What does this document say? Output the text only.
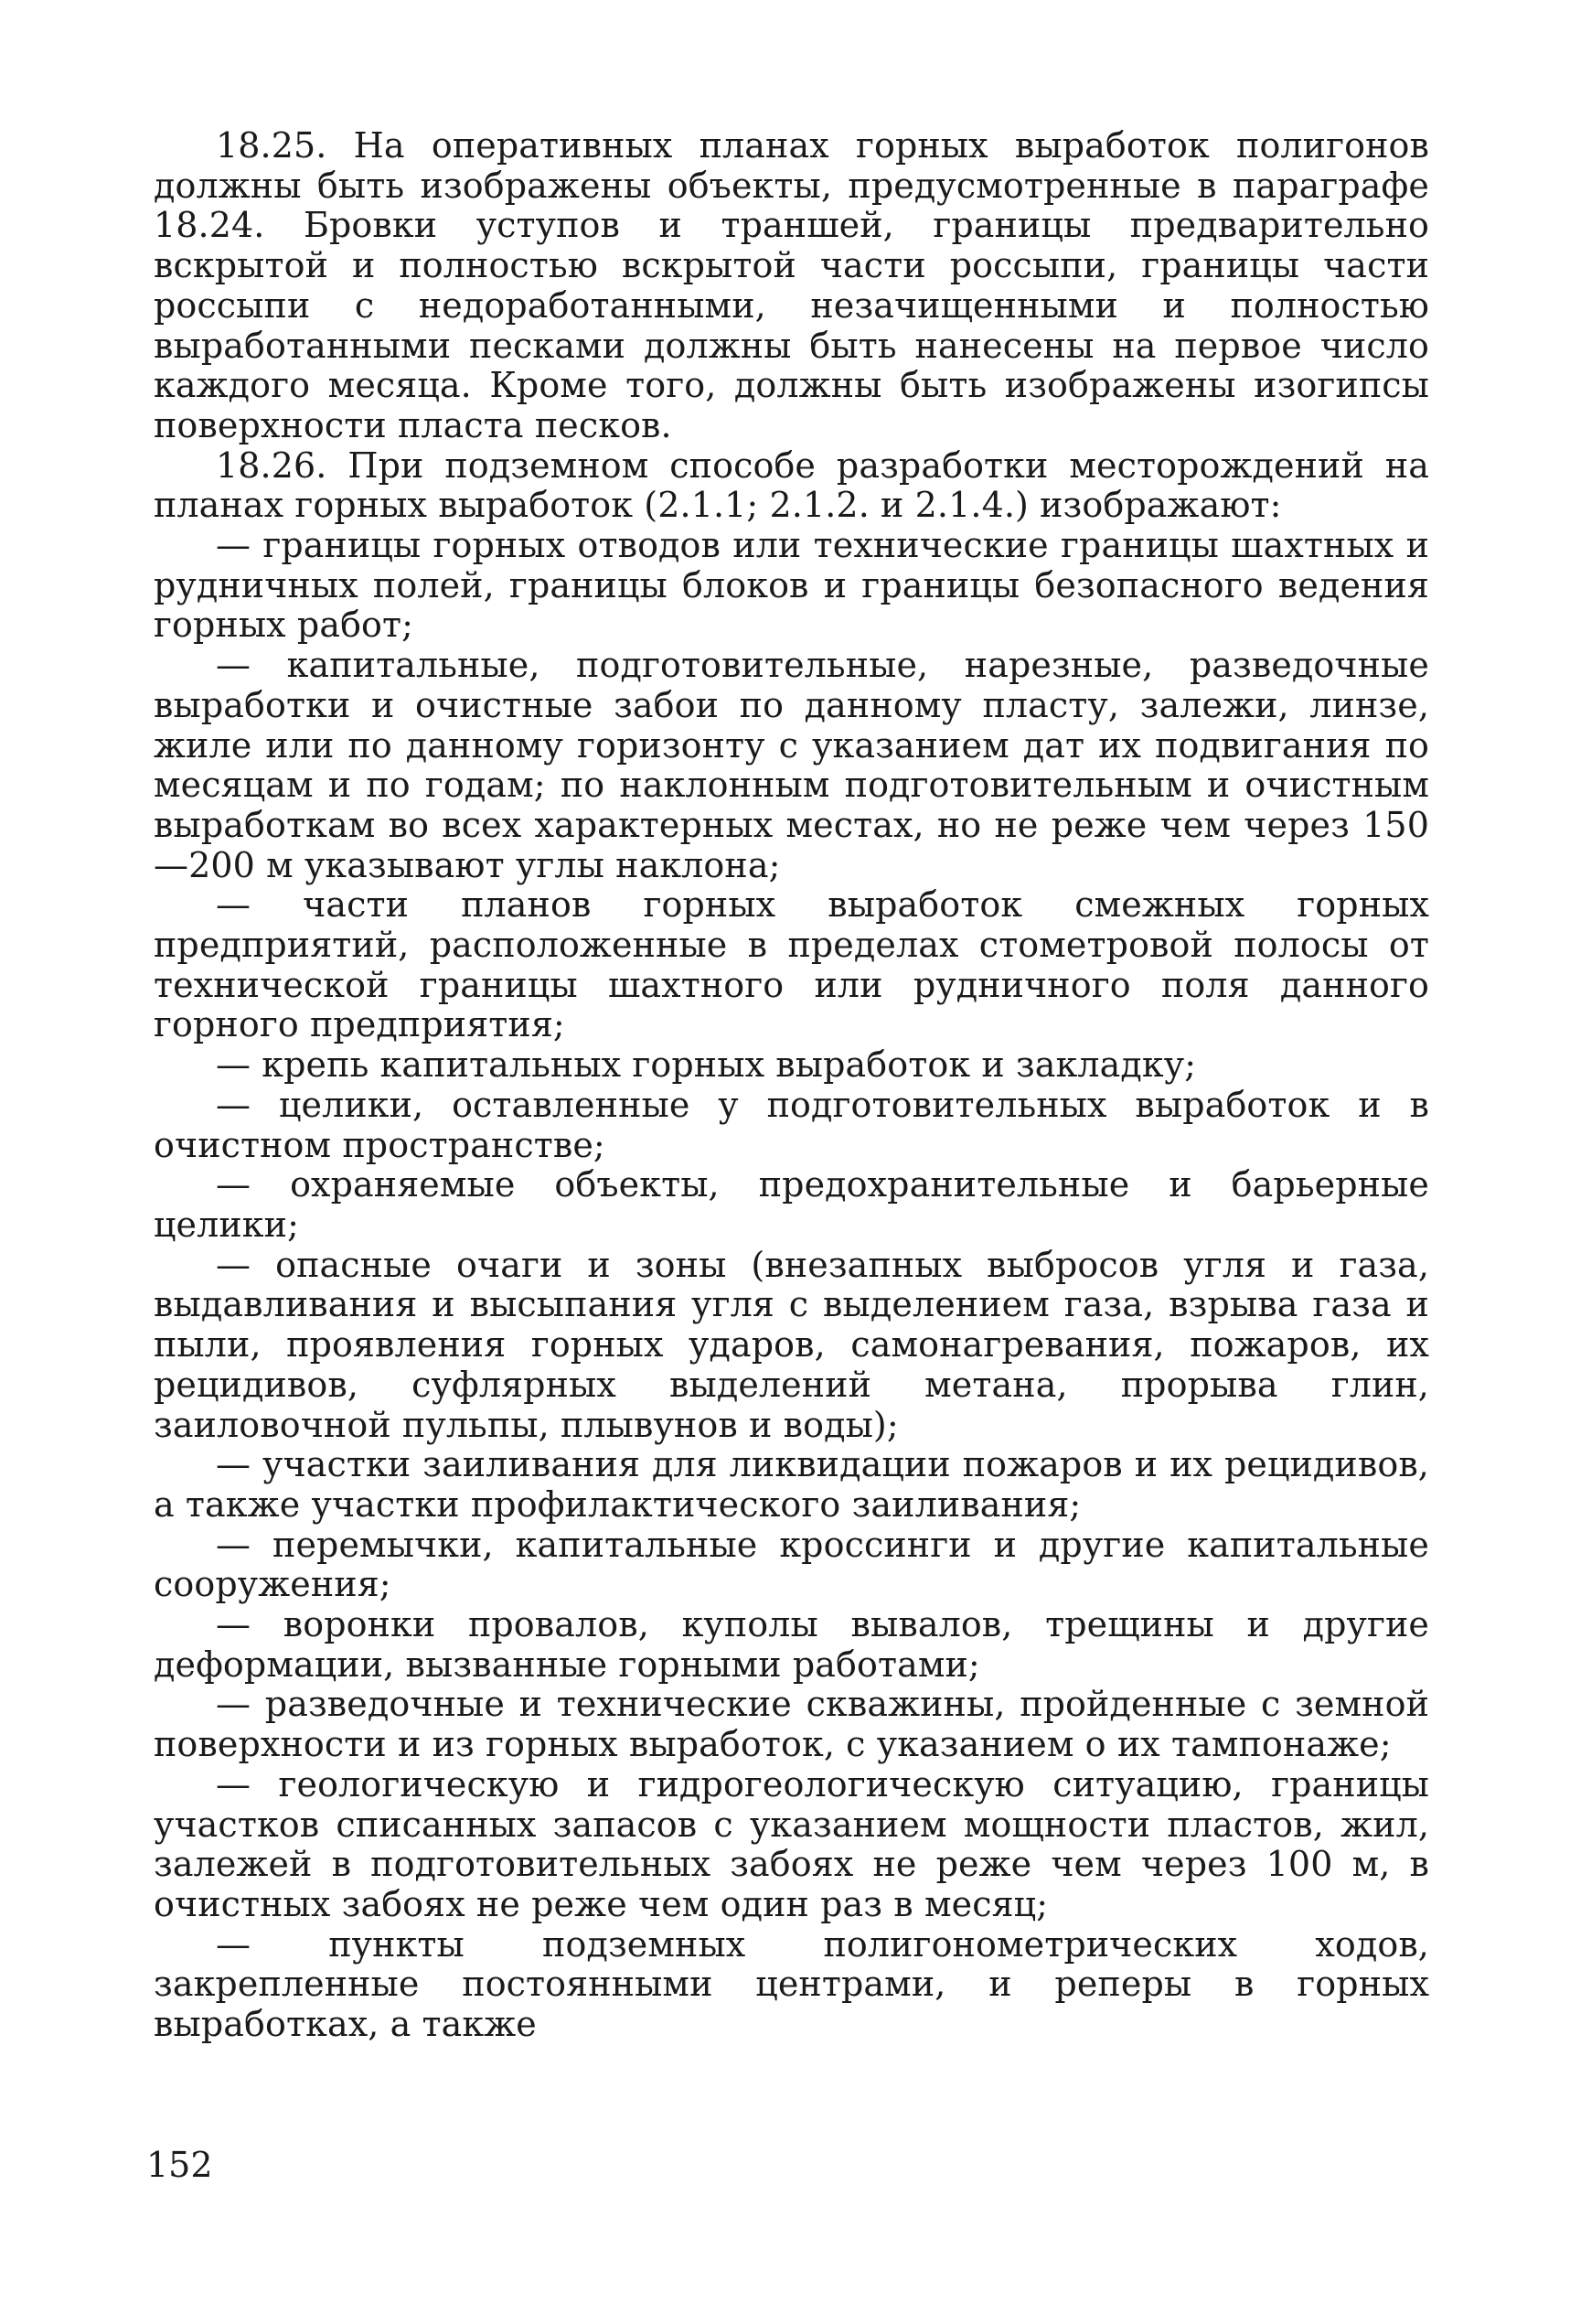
18.25. На оперативных планах горных выработок полигонов должны быть изображены объекты, предусмотренные в параграфе 18.24. Бровки уступов и траншей, границы предварительно вскрытой и полностью вскрытой части россыпи, границы части россыпи с недоработанными, незачищенными и полностью выработанными песками должны быть нанесены на первое число каждого месяца. Кроме того, должны быть изображены изогипсы поверхности пласта песков.

18.26. При подземном способе разработки месторождений на планах горных выработок (2.1.1; 2.1.2. и 2.1.4.) изображают:

— границы горных отводов или технические границы шахтных и рудничных полей, границы блоков и границы безопасного ведения горных работ;

— капитальные, подготовительные, нарезные, разведочные выработки и очистные забои по данному пласту, залежи, линзе, жиле или по данному горизонту с указанием дат их подвигания по месяцам и по годам; по наклонным подготовительным и очистным выработкам во всех характерных местах, но не реже чем через 150—200 м указывают углы наклона;

— части планов горных выработок смежных горных предприятий, расположенные в пределах стометровой полосы от технической границы шахтного или рудничного поля данного горного предприятия;

— крепь капитальных горных выработок и закладку;

— целики, оставленные у подготовительных выработок и в очистном пространстве;

— охраняемые объекты, предохранительные и барьерные целики;

— опасные очаги и зоны (внезапных выбросов угля и газа, выдавливания и высыпания угля с выделением газа, взрыва газа и пыли, проявления горных ударов, самонагревания, пожаров, их рецидивов, суфлярных выделений метана, прорыва глин, заиловочной пульпы, плывунов и воды);

— участки заиливания для ликвидации пожаров и их рецидивов, а также участки профилактического заиливания;

— перемычки, капитальные кроссинги и другие капитальные сооружения;

— воронки провалов, куполы вывалов, трещины и другие деформации, вызванные горными работами;

— разведочные и технические скважины, пройденные с земной поверхности и из горных выработок, с указанием о их тампонаже;

— геологическую и гидрогеологическую ситуацию, границы участков списанных запасов с указанием мощности пластов, жил, залежей в подготовительных забоях не реже чем через 100 м, в очистных забоях не реже чем один раз в месяц;

— пункты подземных полигонометрических ходов, закрепленные постоянными центрами, и реперы в горных выработках, а также

152
